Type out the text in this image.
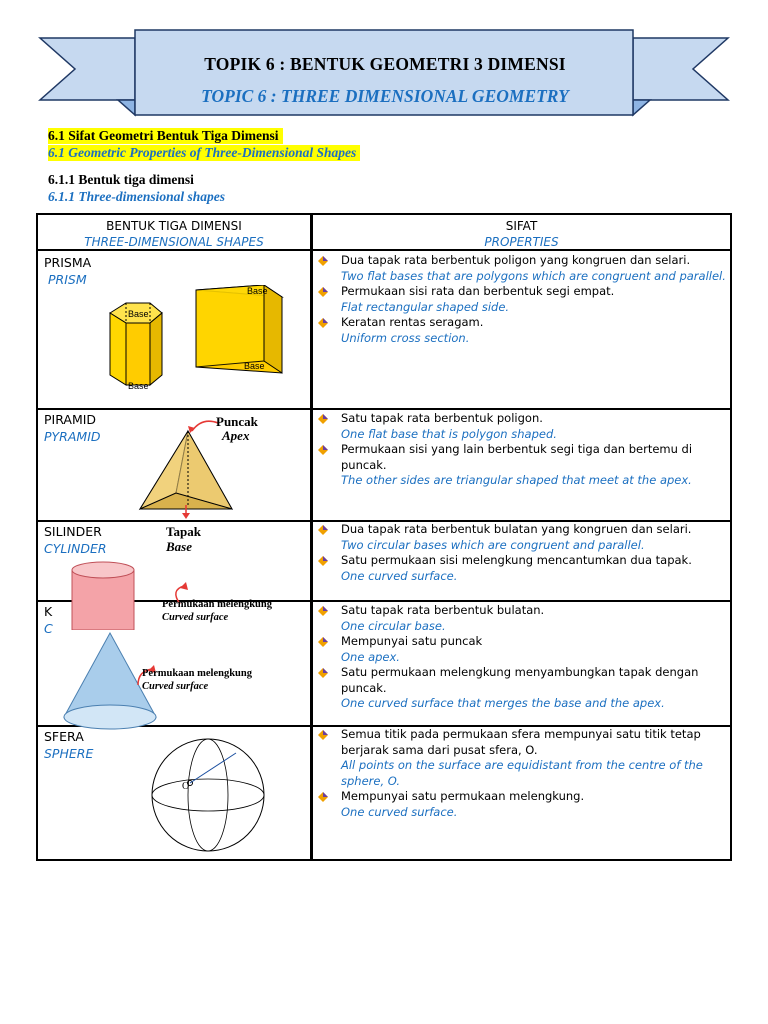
TOPIK 6 : BENTUK GEOMETRI 3 DIMENSI
TOPIC 6 : THREE DIMENSIONAL GEOMETRY
6.1 Sifat Geometri Bentuk Tiga Dimensi
6.1 Geometric Properties of Three-Dimensional Shapes
6.1.1 Bentuk tiga dimensi
6.1.1 Three-dimensional shapes
BENTUK TIGA DIMENSI
THREE-DIMENSIONAL SHAPES
SIFAT
PROPERTIES
PRISMA
PRISM
Base
Base
Base
Base
Dua tapak rata berbentuk poligon yang kongruen dan selari.
Two flat bases that are polygons which are congruent and parallel.
Permukaan sisi rata dan berbentuk segi empat.
Flat rectangular shaped side.
Keratan rentas seragam.
Uniform cross section.
PIRAMID
PYRAMID
Puncak
Apex
Satu tapak rata berbentuk poligon.
One flat base that is polygon shaped.
Permukaan sisi yang lain berbentuk segi tiga dan bertemu di puncak.
The other sides are triangular shaped that meet at the apex.
SILINDER
CYLINDER
Tapak
Base
Permukaan melengkung
Curved surface
Dua tapak rata berbentuk bulatan yang kongruen dan selari.
Two circular bases which are congruent and parallel.
Satu permukaan sisi melengkung mencantumkan dua tapak.
One curved surface.
K
C
Permukaan melengkung
Curved surface
Satu tapak rata berbentuk bulatan.
One circular base.
Mempunyai satu puncak
One apex.
Satu permukaan melengkung menyambungkan tapak dengan puncak.
One curved surface that merges the base and the apex.
SFERA
SPHERE
O
Semua titik pada permukaan sfera mempunyai satu titik tetap berjarak sama dari pusat sfera, O.
All points on the surface are equidistant from the centre of the sphere, O.
Mempunyai satu permukaan melengkung.
One curved surface.
